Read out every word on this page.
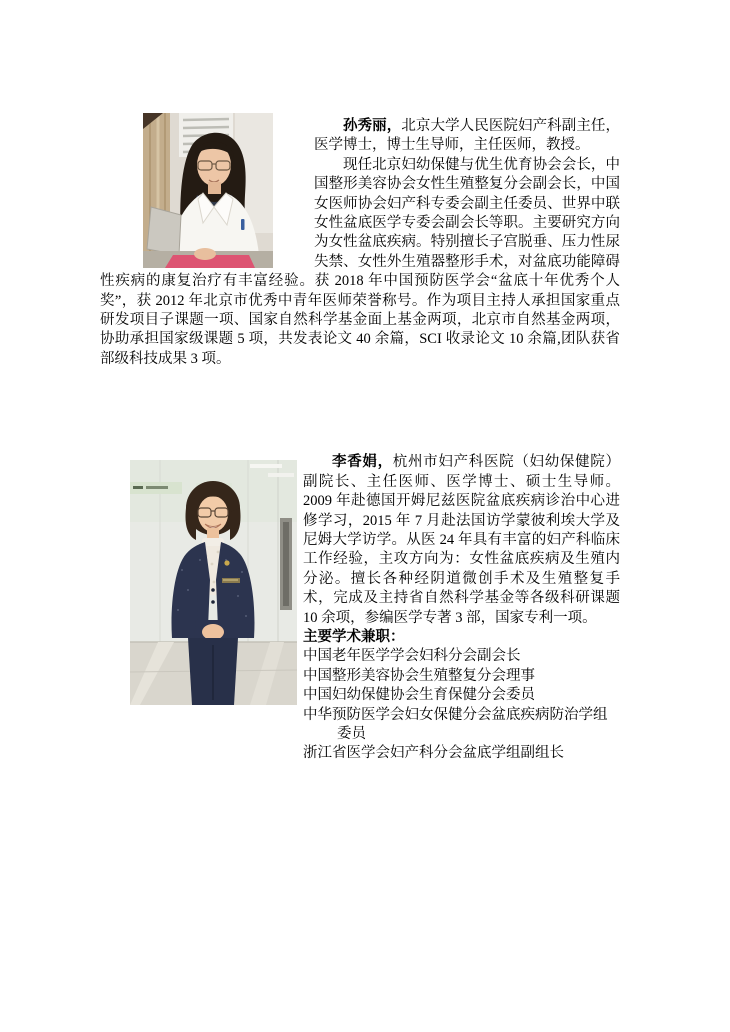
孙秀丽，北京大学人民医院妇产科副主任，医学博士，博士生导师，主任医师，教授。

现任北京妇幼保健与优生优育协会会长，中国整形美容协会女性生殖整复分会副会长，中国女医师协会妇产科专委会副主任委员、世界中联女性盆底医学专委会副会长等职。主要研究方向为女性盆底疾病。特别擅长子宫脱垂、压力性尿失禁、女性外生殖器整形手术，对盆底功能障碍性疾病的康复治疗有丰富经验。获 2018 年中国预防医学会“盆底十年优秀个人奖”，获 2012 年北京市优秀中青年医师荣誉称号。作为项目主持人承担国家重点研发项目子课题一项、国家自然科学基金面上基金两项，北京市自然基金两项，协助承担国家级课题 5 项，共发表论文 40 余篇，SCI 收录论文 10 余篇,团队获省部级科技成果 3 项。

李香娟，杭州市妇产科医院（妇幼保健院）副院长、主任医师、医学博士、硕士生导师。2009 年赴德国开姆尼兹医院盆底疾病诊治中心进修学习，2015 年 7 月赴法国访学蒙彼利埃大学及尼姆大学访学。从医 24 年具有丰富的妇产科临床工作经验，主攻方向为：女性盆底疾病及生殖内分泌。擅长各种经阴道微创手术及生殖整复手术，完成及主持省自然科学基金等各级科研课题 10 余项，参编医学专著 3 部，国家专利一项。

主要学术兼职：

中国老年医学学会妇科分会副会长

中国整形美容协会生殖整复分会理事

中国妇幼保健协会生育保健分会委员

中华预防医学会妇女保健分会盆底疾病防治学组委员

浙江省医学会妇产科分会盆底学组副组长
